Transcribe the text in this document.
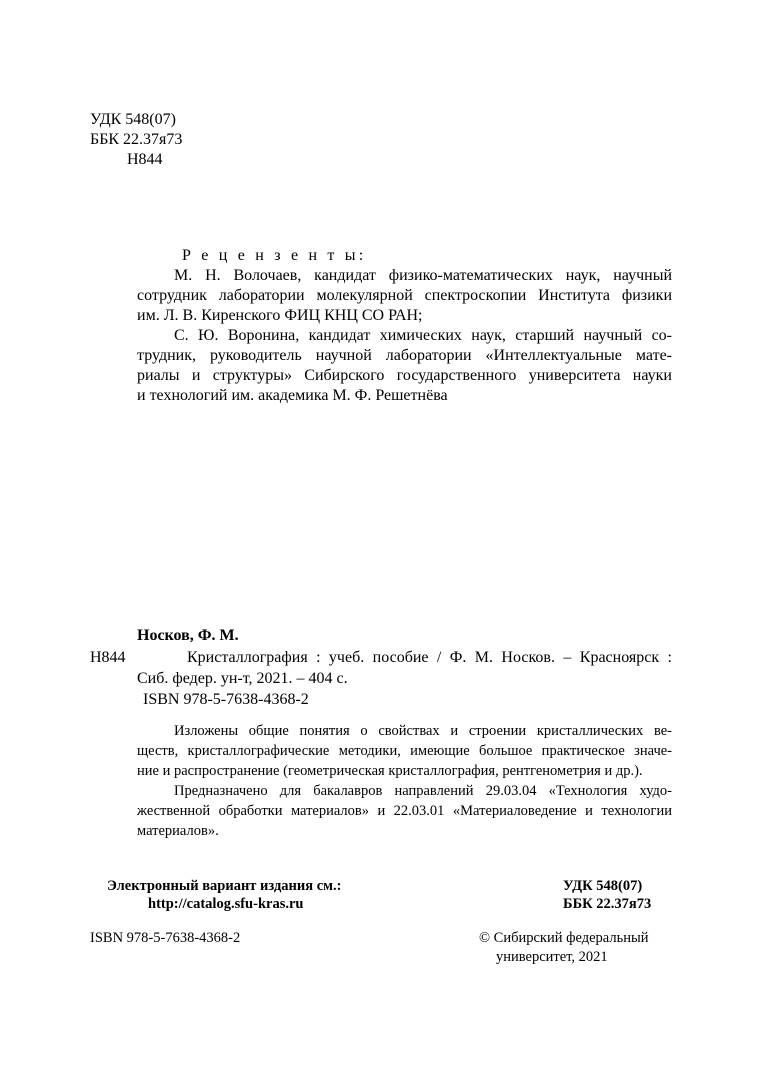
УДК 548(07)
ББК 22.37я73
Н844
Р е ц е н з е н т ы:
М. Н. Волочаев, кандидат физико-математических наук, научный
сотрудник лаборатории молекулярной спектроскопии Института физики
им. Л. В. Киренского ФИЦ КНЦ СО РАН;
С. Ю. Воронина, кандидат химических наук, старший научный со-
трудник, руководитель научной лаборатории «Интеллектуальные мате-
риалы и структуры» Сибирского государственного университета науки
и технологий им. академика М. Ф. Решетнёва
Носков, Ф. М.
Н844	Кристаллография : учеб. пособие / Ф. М. Носков. – Красноярск :
Сиб. федер. ун-т, 2021. – 404 с.
ISBN 978-5-7638-4368-2
Изложены общие понятия о свойствах и строении кристаллических ве-
ществ, кристаллографические методики, имеющие большое практическое значе-
ние и распространение (геометрическая кристаллография, рентгенометрия и др.).
Предназначено для бакалавров направлений 29.03.04 «Технология худо-
жественной обработки материалов» и 22.03.01 «Материаловедение и технологии
материалов».
Электронный вариант издания см.:
http://catalog.sfu-kras.ru
УДК 548(07)
ББК 22.37я73
ISBN 978-5-7638-4368-2	© Сибирский федеральный
университет, 2021
